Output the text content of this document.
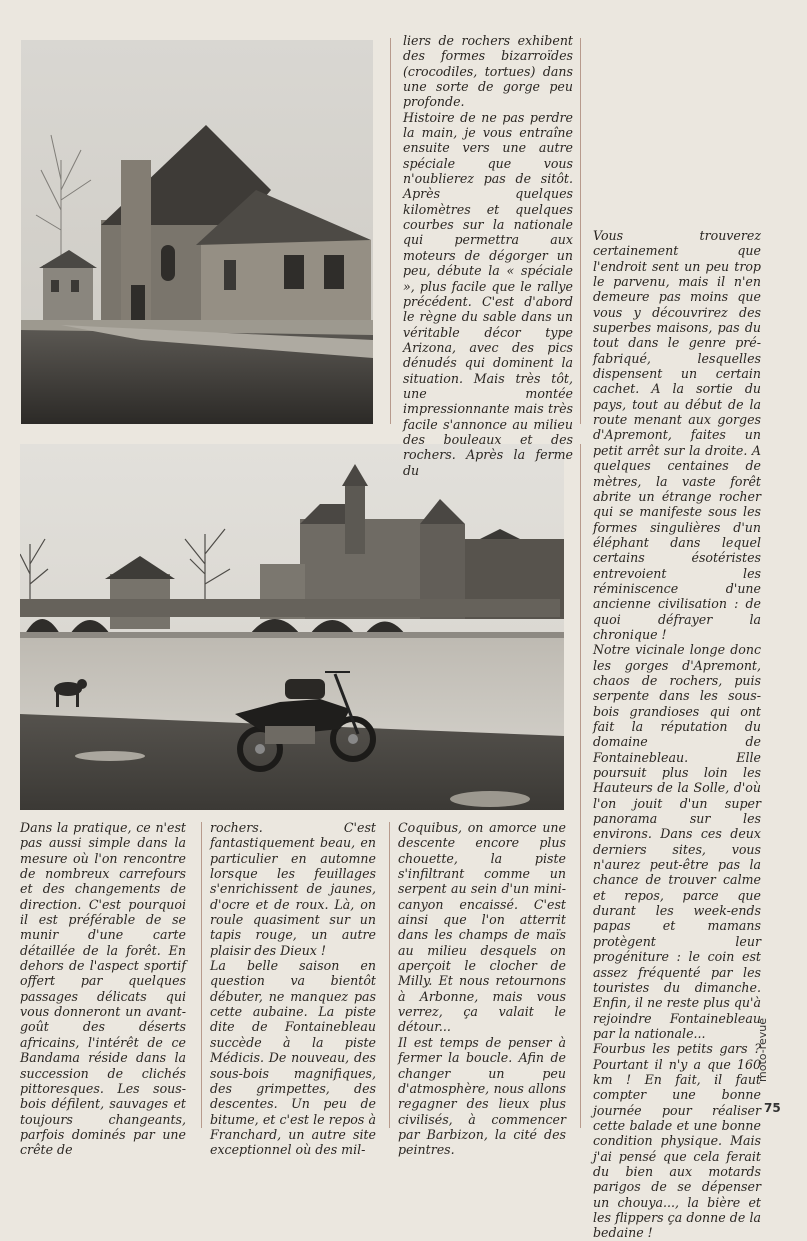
liers de rochers exhibent des formes bizarroïdes (crocodiles, tortues) dans une sorte de gorge peu profonde.

Histoire de ne pas perdre la main, je vous entraîne ensuite vers une autre spéciale que vous n'oublierez pas de sitôt. Après quelques kilomètres et quelques courbes sur la nationale qui permettra aux moteurs de dégorger un peu, débute la « spéciale », plus facile que le rallye précédent. C'est d'abord le règne du sable dans un véritable décor type Arizona, avec des pics dénudés qui dominent la situation. Mais très tôt, une montée impressionnante mais très facile s'annonce au milieu des bouleaux et des rochers. Après la ferme du

Vous trouverez certainement que l'endroit sent un peu trop le parvenu, mais il n'en demeure pas moins que vous y découvrirez des superbes maisons, pas du tout dans le genre pré-fabriqué, lesquelles dispensent un certain cachet. A la sortie du pays, tout au début de la route menant aux gorges d'Apremont, faites un petit arrêt sur la droite. A quelques centaines de mètres, la vaste forêt abrite un étrange rocher qui se manifeste sous les formes singulières d'un éléphant dans lequel certains ésotéristes entrevoient les réminiscence d'une ancienne civilisation : de quoi défrayer la chronique !

Notre vicinale longe donc les gorges d'Apremont, chaos de rochers, puis serpente dans les sous-bois grandioses qui ont fait la réputation du domaine de Fontainebleau. Elle poursuit plus loin les Hauteurs de la Solle, d'où l'on jouit d'un super panorama sur les environs. Dans ces deux derniers sites, vous n'aurez peut-être pas la chance de trouver calme et repos, parce que durant les week-ends papas et mamans protègent leur progéniture : le coin est assez fréquenté par les touristes du dimanche. Enfin, il ne reste plus qu'à rejoindre Fontainebleau par la nationale...

Fourbus les petits gars ? Pourtant il n'y a que 160 km ! En fait, il faut compter une bonne journée pour réaliser cette balade et une bonne condition physique. Mais j'ai pensé que cela ferait du bien aux motards parigos de se dépenser un chouya..., la bière et les flippers ça donne de la bedaine !

Dans la pratique, ce n'est pas aussi simple dans la mesure où l'on rencontre de nombreux carrefours et des changements de direction. C'est pourquoi il est préférable de se munir d'une carte détaillée de la forêt. En dehors de l'aspect sportif offert par quelques passages délicats qui vous donneront un avant-goût des déserts africains, l'intérêt de ce Bandama réside dans la succession de clichés pittoresques. Les sous-bois défilent, sauvages et toujours changeants, parfois dominés par une crête de

rochers. C'est fantastiquement beau, en particulier en automne lorsque les feuillages s'enrichissent de jaunes, d'ocre et de roux. Là, on roule quasiment sur un tapis rouge, un autre plaisir des Dieux !

La belle saison en question va bientôt débuter, ne manquez pas cette aubaine. La piste dite de Fontainebleau succède à la piste Médicis. De nouveau, des sous-bois magnifiques, des grimpettes, des descentes. Un peu de bitume, et c'est le repos à Franchard, un autre site exceptionnel où des mil-

Coquibus, on amorce une descente encore plus chouette, la piste s'infiltrant comme un serpent au sein d'un mini-canyon encaissé. C'est ainsi que l'on atterrit dans les champs de maïs au milieu desquels on aperçoit le clocher de Milly. Et nous retournons à Arbonne, mais vous verrez, ça valait le détour...

Il est temps de penser à fermer la boucle. Afin de changer un peu d'atmosphère, nous allons regagner des lieux plus civilisés, à commencer par Barbizon, la cité des peintres.

moto-revue
75
